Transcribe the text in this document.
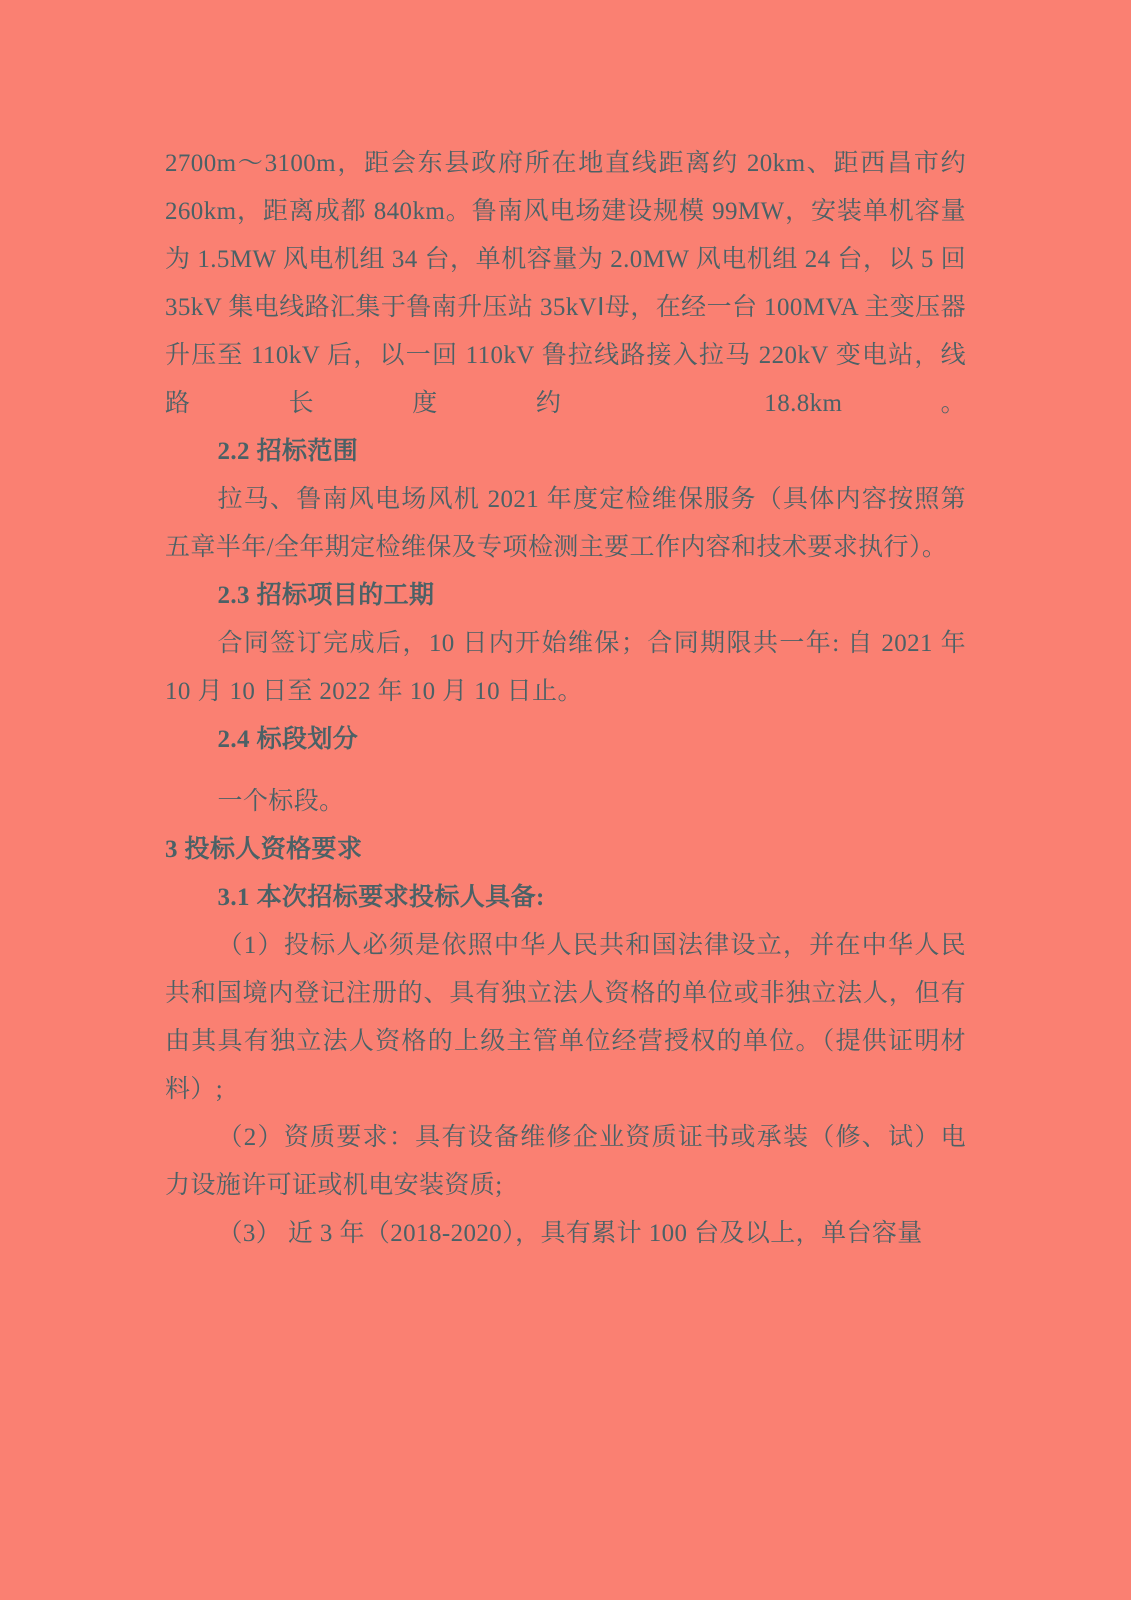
2700m～3100m，距会东县政府所在地直线距离约 20km、距西昌市约 260km，距离成都 840km。鲁南风电场建设规模 99MW，安装单机容量为 1.5MW 风电机组 34 台，单机容量为 2.0MW 风电机组 24 台，以 5 回 35kV 集电线路汇集于鲁南升压站 35kVⅠ母，在经一台 100MVA 主变压器升压至 110kV 后，以一回 110kV 鲁拉线路接入拉马 220kV 变电站，线路长度约 18.8km。

2.2 招标范围

拉马、鲁南风电场风机 2021 年度定检维保服务（具体内容按照第五章半年/全年期定检维保及专项检测主要工作内容和技术要求执行）。

2.3 招标项目的工期

合同签订完成后，10 日内开始维保；合同期限共一年: 自 2021 年 10 月 10 日至 2022 年 10 月 10 日止。

2.4 标段划分

一个标段。

3 投标人资格要求

3.1 本次招标要求投标人具备:

（1）投标人必须是依照中华人民共和国法律设立，并在中华人民共和国境内登记注册的、具有独立法人资格的单位或非独立法人，但有由其具有独立法人资格的上级主管单位经营授权的单位。（提供证明材料）;

（2）资质要求：具有设备维修企业资质证书或承装（修、试）电力设施许可证或机电安装资质;

（3） 近 3 年（2018-2020），具有累计 100 台及以上，单台容量
